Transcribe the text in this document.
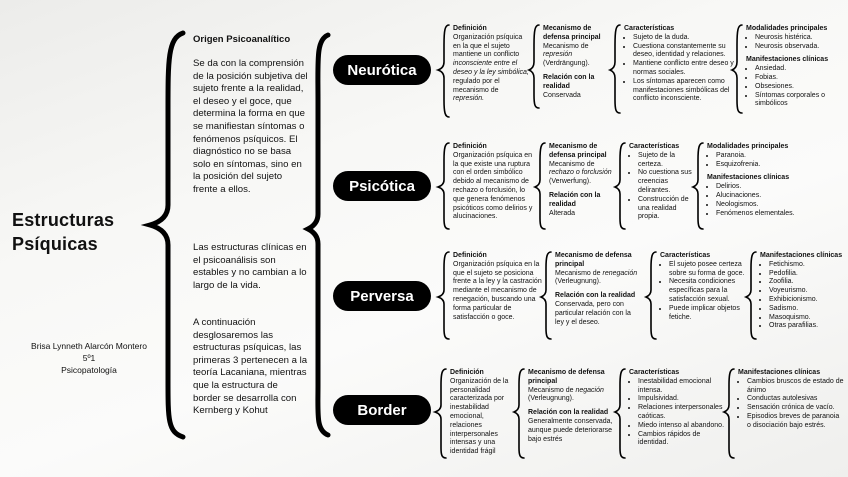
Estructuras
Psíquicas
Brisa Lynneth Alarcón Montero
5º1
Psicopatología
Origen Psicoanalítico
Se da con la comprensión de la posición subjetiva del sujeto frente a la realidad, el deseo y el goce, que determina la forma en que se manifiestan síntomas o fenómenos psíquicos. El diagnóstico no se basa solo en síntomas, sino en la posición del sujeto frente a ellos.
Las estructuras clínicas en el psicoanálisis son estables y no cambian a lo largo de la vida.
A continuación desglosaremos las estructuras psíquicas, las primeras 3 pertenecen a la teoría Lacaniana, mientras que la estructura de border se desarrolla con Kernberg y Kohut
Neurótica
Psicótica
Perversa
Border
Definición
Organización psíquica en la que el sujeto mantiene un conflicto inconsciente entre el deseo y la ley simbólica, regulado por el mecanismo de represión.
Mecanismo de defensa principal
Mecanismo de represión (Verdrängung).
Relación con la realidad
Conservada
Características
• Sujeto de la duda.
• Cuestiona constantemente su deseo, identidad y relaciones.
• Mantiene conflicto entre deseo y normas sociales.
• Los síntomas aparecen como manifestaciones simbólicas del conflicto inconsciente.
Modalidades principales
• Neurosis histérica.
• Neurosis observada.
Manifestaciones clínicas
• Ansiedad.
• Fobias.
• Obsesiones.
• Síntomas corporales o simbólicos
Definición
Organización psíquica en la que existe una ruptura con el orden simbólico debido al mecanismo de rechazo o forclusión, lo que genera fenómenos psicóticos como delirios y alucinaciones.
Mecanismo de defensa principal
Mecanismo de rechazo o forclusión (Verwerfung).
Relación con la realidad
Alterada
Características
• Sujeto de la certeza.
• No cuestiona sus creencias delirantes.
• Construcción de una realidad propia.
Modalidades principales
• Paranoia.
• Esquizofrenia.
Manifestaciones clínicas
• Delirios.
• Alucinaciones.
• Neologismos.
• Fenómenos elementales.
Definición
Organización psíquica en la que el sujeto se posiciona frente a la ley y la castración mediante el mecanismo de renegación, buscando una forma particular de satisfacción o goce.
Mecanismo de defensa principal
Mecanismo de renegación (Verleugnung).
Relación con la realidad
Conservada, pero con particular relación con la ley y el deseo.
Características
• El sujeto posee certeza sobre su forma de goce.
• Necesita condiciones específicas para la satisfacción sexual.
• Puede implicar objetos fetiche.
Manifestaciones clínicas
• Fetichismo.
• Pedofilia.
• Zoofilia.
• Voyeurismo.
• Exhibicionismo.
• Sadismo.
• Masoquismo.
• Otras parafilias.
Definición
Organización de la personalidad caracterizada por inestabilidad emocional, relaciones interpersonales intensas y una identidad frágil
Mecanismo de defensa principal
Mecanismo de negación (Verleugnung).
Relación con la realidad
Generalmente conservada, aunque puede deteriorarse bajo estrés
Características
• Inestabilidad emocional intensa.
• Impulsividad.
• Relaciones interpersonales caóticas.
• Miedo intenso al abandono.
• Cambios rápidos de identidad.
Manifestaciones clínicas
• Cambios bruscos de estado de ánimo
• Conductas autolesivas
• Sensación crónica de vacío.
• Episodios breves de paranoia o disociación bajo estrés.
